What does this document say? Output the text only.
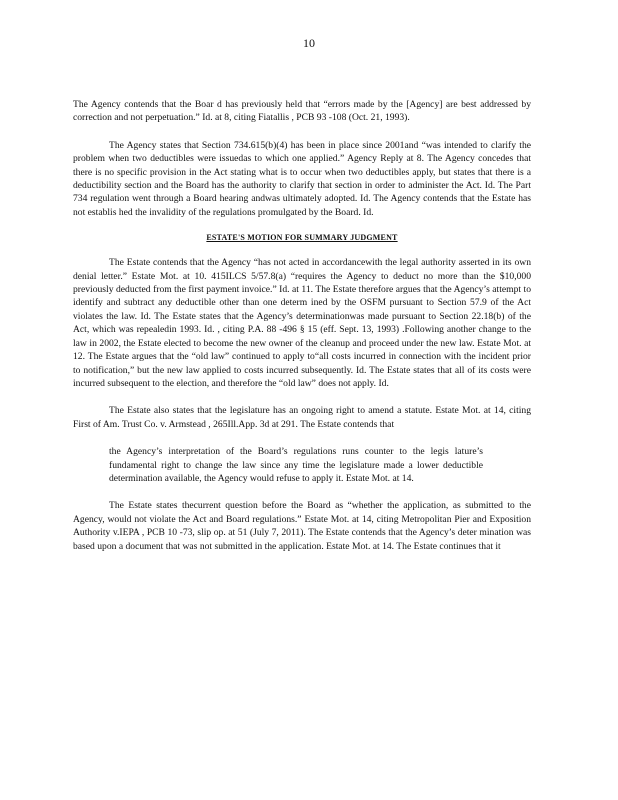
10

The Agency contends that the Boar d has previously held that “errors made by the [Agency] are best addressed by correction and not perpetuation.” Id. at 8, citing Fiatallis , PCB 93 -108 (Oct. 21, 1993).

The Agency states that Section 734.615(b)(4) has been in place since 2001and “was intended to clarify the problem when two deductibles were issuedas to which one applied.” Agency Reply at 8. The Agency concedes that there is no specific provision in the Act stating what is to occur when two deductibles apply, but states that there is a deductibility section and the Board has the authority to clarify that section in order to administer the Act. Id. The Part 734 regulation went through a Board hearing andwas ultimately adopted. Id. The Agency contends that the Estate has not establis hed the invalidity of the regulations promulgated by the Board. Id.

ESTATE'S MOTION FOR SUMMARY JUDGMENT

The Estate contends that the Agency “has not acted in accordancewith the legal authority asserted in its own denial letter.” Estate Mot. at 10. 415ILCS 5/57.8(a) “requires the Agency to deduct no more than the $10,000 previously deducted from the first payment invoice.” Id. at 11. The Estate therefore argues that the Agency’s attempt to identify and subtract any deductible other than one determ ined by the OSFM pursuant to Section 57.9 of the Act violates the law. Id. The Estate states that the Agency’s determinationwas made pursuant to Section 22.18(b) of the Act, which was repealedin 1993. Id. , citing P.A. 88 -496 § 15 (eff. Sept. 13, 1993) .Following another change to the law in 2002, the Estate elected to become the new owner of the cleanup and proceed under the new law. Estate Mot. at 12. The Estate argues that the “old law” continued to apply to“all costs incurred in connection with the incident prior to notification,” but the new law applied to costs incurred subsequently. Id. The Estate states that all of its costs were incurred subsequent to the election, and therefore the “old law” does not apply. Id.

The Estate also states that the legislature has an ongoing right to amend a statute. Estate Mot. at 14, citing First of Am. Trust Co. v. Armstead , 265Ill.App. 3d at 291. The Estate contends that

the Agency’s interpretation of the Board’s regulations runs counter to the legis lature’s fundamental right to change the law since any time the legislature made a lower deductible determination available, the Agency would refuse to apply it. Estate Mot. at 14.

The Estate states thecurrent question before the Board as “whether the application, as submitted to the Agency, would not violate the Act and Board regulations.” Estate Mot. at 14, citing Metropolitan Pier and Exposition Authority v.IEPA , PCB 10 -73, slip op. at 51 (July 7, 2011). The Estate contends that the Agency’s deter mination was based upon a document that was not submitted in the application. Estate Mot. at 14. The Estate continues that it
